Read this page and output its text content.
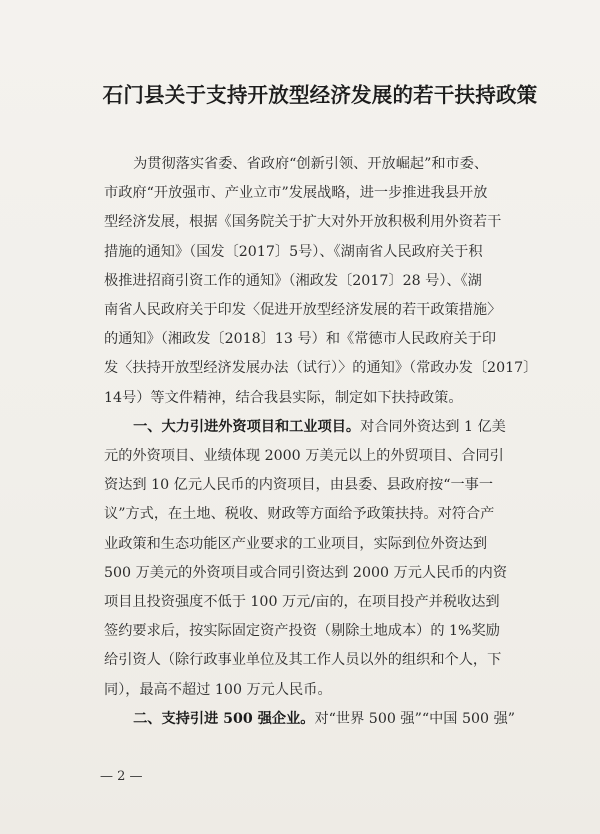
石门县关于支持开放型经济发展的若干扶持政策

为贯彻落实省委、省政府“创新引领、开放崛起”和市委、
市政府“开放强市、产业立市”发展战略，进一步推进我县开放
型经济发展，根据《国务院关于扩大对外开放积极利用外资若干
措施的通知》（国发〔2017〕5号）、《湖南省人民政府关于积
极推进招商引资工作的通知》（湘政发〔2017〕28 号）、《湖
南省人民政府关于印发〈促进开放型经济发展的若干政策措施〉
的通知》（湘政发〔2018〕13 号）和《常德市人民政府关于印
发〈扶持开放型经济发展办法（试行）〉的通知》（常政办发〔2017〕
14号）等文件精神，结合我县实际，制定如下扶持政策。

一、大力引进外资项目和工业项目。对合同外资达到 1 亿美
元的外资项目、业绩体现 2000 万美元以上的外贸项目、合同引
资达到 10 亿元人民币的内资项目，由县委、县政府按“一事一
议”方式，在土地、税收、财政等方面给予政策扶持。对符合产
业政策和生态功能区产业要求的工业项目，实际到位外资达到
500 万美元的外资项目或合同引资达到 2000 万元人民币的内资
项目且投资强度不低于 100 万元/亩的，在项目投产并税收达到
签约要求后，按实际固定资产投资（剔除土地成本）的 1%奖励
给引资人（除行政事业单位及其工作人员以外的组织和个人，下
同），最高不超过 100 万元人民币。

二、支持引进 500 强企业。对“世界 500 强”“中国 500 强”

— 2 —
